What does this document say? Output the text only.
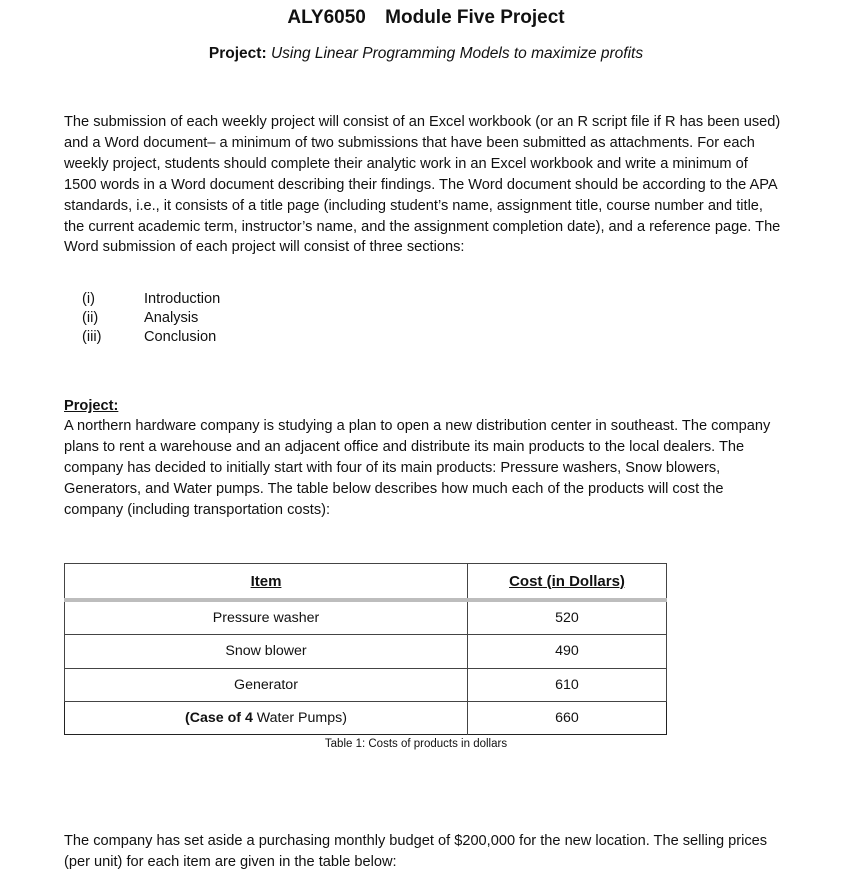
ALY6050 Module Five Project
Project: Using Linear Programming Models to maximize profits

The submission of each weekly project will consist of an Excel workbook (or an R script file if R has been used) and a Word document– a minimum of two submissions that have been submitted as attachments. For each weekly project, students should complete their analytic work in an Excel workbook and write a minimum of 1500 words in a Word document describing their findings. The Word document should be according to the APA standards, i.e., it consists of a title page (including student’s name, assignment title, course number and title, the current academic term, instructor’s name, and the assignment completion date), and a reference page. The Word submission of each project will consist of three sections:

(i)	Introduction
(ii)	Analysis
(iii)	Conclusion
Project:

A northern hardware company is studying a plan to open a new distribution center in southeast. The company plans to rent a warehouse and an adjacent office and distribute its main products to the local dealers. The company has decided to initially start with four of its main products: Pressure washers, Snow blowers, Generators, and Water pumps. The table below describes how much each of the products will cost the company (including transportation costs):

Item	Cost (in Dollars)
Pressure washer	520
Snow blower	490
Generator	610
(Case of 4 Water Pumps)	660
Table 1: Costs of products in dollars

The company has set aside a purchasing monthly budget of $200,000 for the new location. The selling prices (per unit) for each item are given in the table below:
